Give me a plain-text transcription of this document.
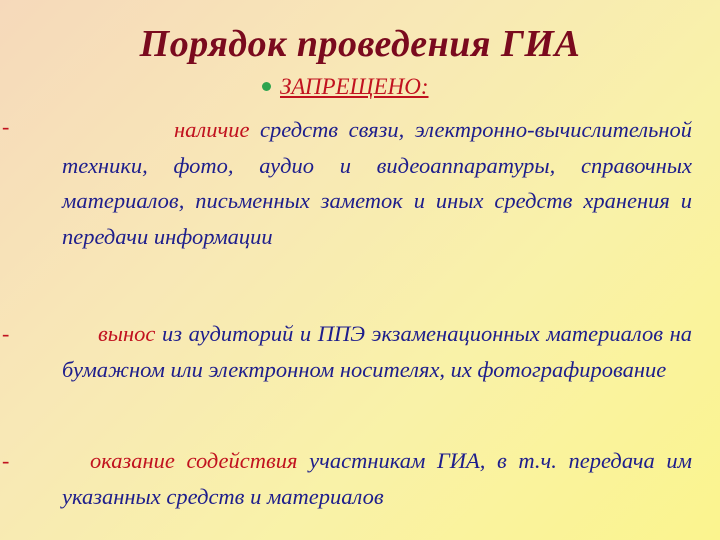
Порядок проведения ГИА
ЗАПРЕЩЕНО:
-	наличие средств связи, электронно-вычислительной техники, фото, аудио и видеоаппаратуры, справочных материалов, письменных заметок и иных средств хранения и передачи информации
-	вынос из аудиторий и ППЭ экзаменационных материалов на бумажном или электронном носителях, их фотографирование
-	оказание содействия участникам ГИА, в т.ч. передача им указанных средств и материалов
